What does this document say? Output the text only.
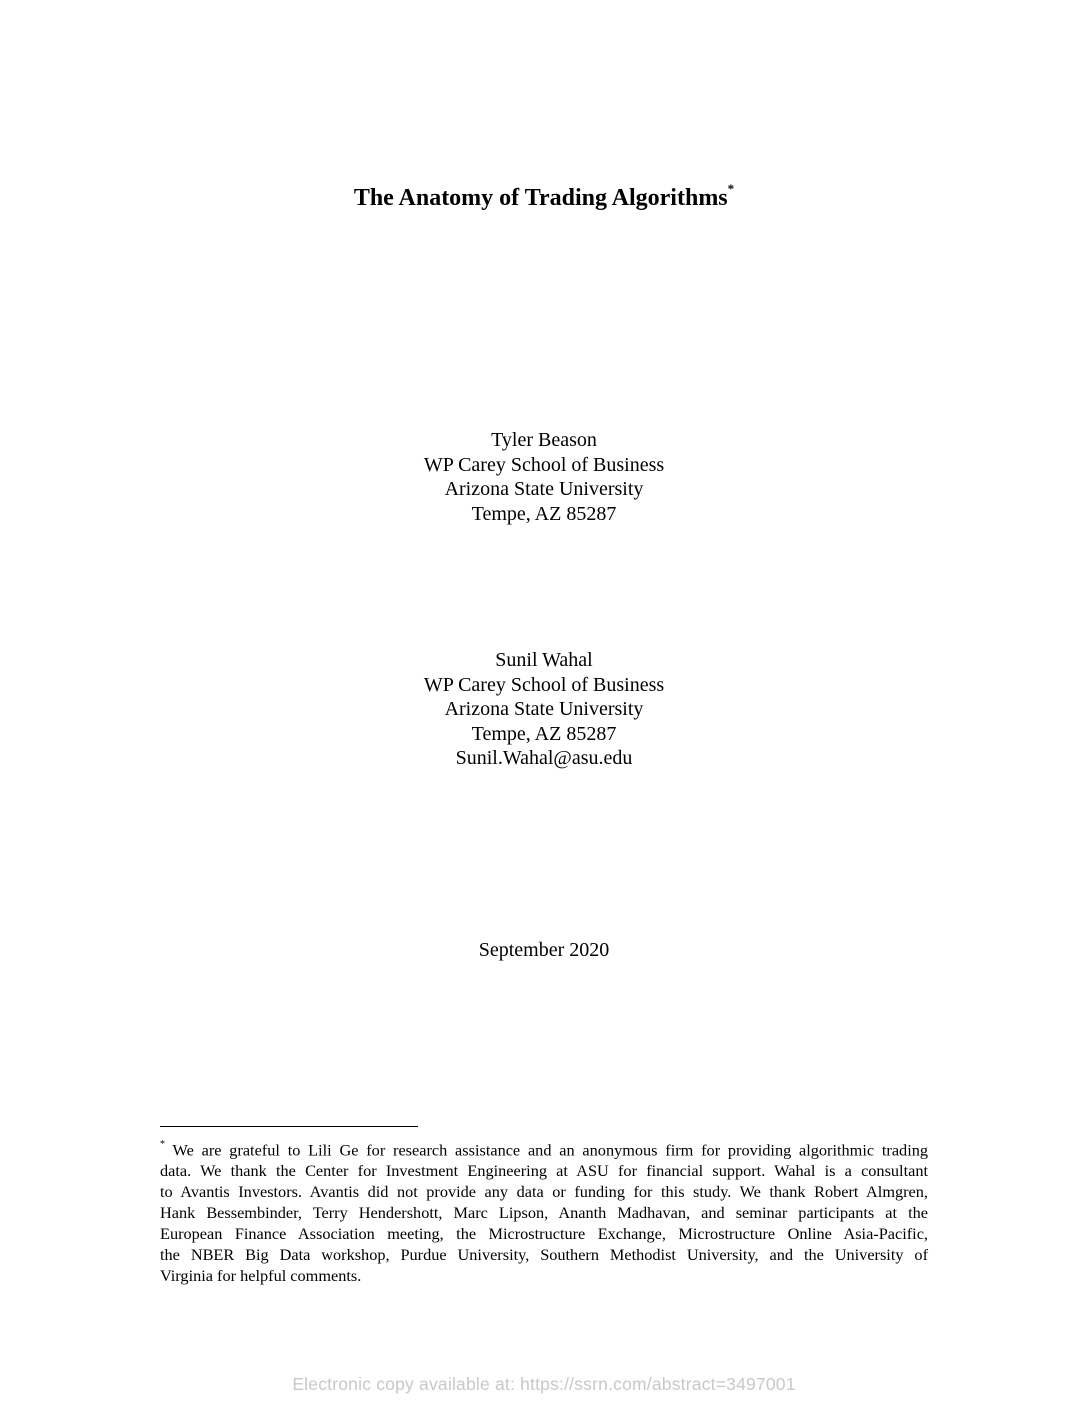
The Anatomy of Trading Algorithms*
Tyler Beason
WP Carey School of Business
Arizona State University
Tempe, AZ 85287
Sunil Wahal
WP Carey School of Business
Arizona State University
Tempe, AZ 85287
Sunil.Wahal@asu.edu
September 2020
* We are grateful to Lili Ge for research assistance and an anonymous firm for providing algorithmic trading
data. We thank the Center for Investment Engineering at ASU for financial support. Wahal is a consultant
to Avantis Investors. Avantis did not provide any data or funding for this study. We thank Robert Almgren,
Hank Bessembinder, Terry Hendershott, Marc Lipson, Ananth Madhavan, and seminar participants at the
European Finance Association meeting, the Microstructure Exchange, Microstructure Online Asia-Pacific,
the NBER Big Data workshop, Purdue University, Southern Methodist University, and the University of
Virginia for helpful comments.
Electronic copy available at: https://ssrn.com/abstract=3497001
